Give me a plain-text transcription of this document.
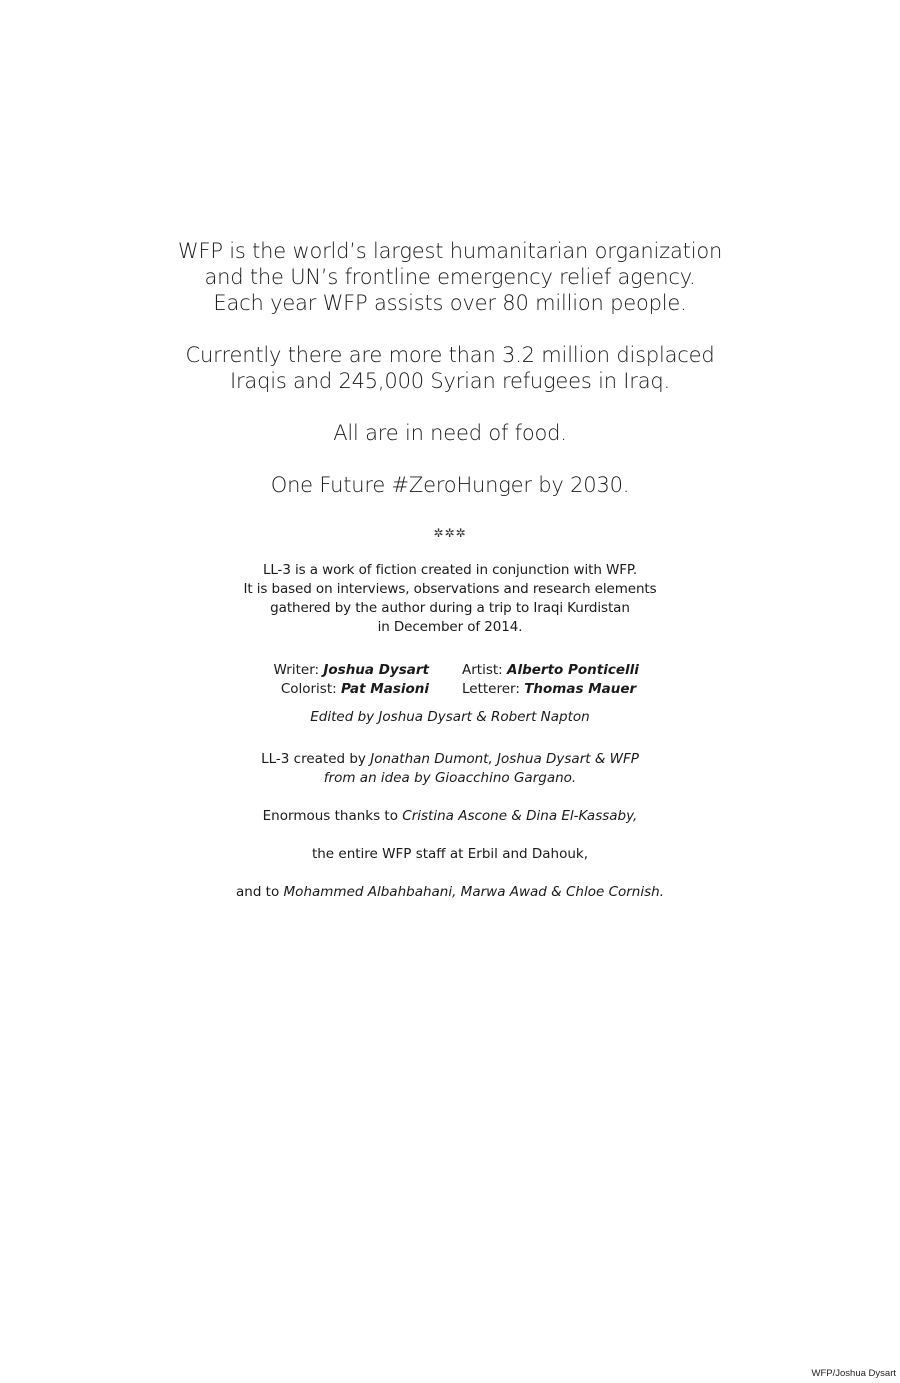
WFP is the world’s largest humanitarian organization
and the UN’s frontline emergency relief agency.
Each year WFP assists over 80 million people.

Currently there are more than 3.2 million displaced
Iraqis and 245,000 Syrian refugees in Iraq.

All are in need of food.

One Future #ZeroHunger by 2030.

✲✲✲
LL-3 is a work of fiction created in conjunction with WFP.
It is based on interviews, observations and research elements
gathered by the author during a trip to Iraqi Kurdistan
in December of 2014.
Writer: Joshua Dysart
Colorist: Pat Masioni
Artist: Alberto Ponticelli
Letterer: Thomas Mauer
Edited by Joshua Dysart & Robert Napton
LL-3 created by Jonathan Dumont, Joshua Dysart & WFP
from an idea by Gioacchino Gargano.
Enormous thanks to Cristina Ascone & Dina El-Kassaby,
the entire WFP staff at Erbil and Dahouk,
and to Mohammed Albahbahani, Marwa Awad & Chloe Cornish.
WFP/Joshua Dysart
